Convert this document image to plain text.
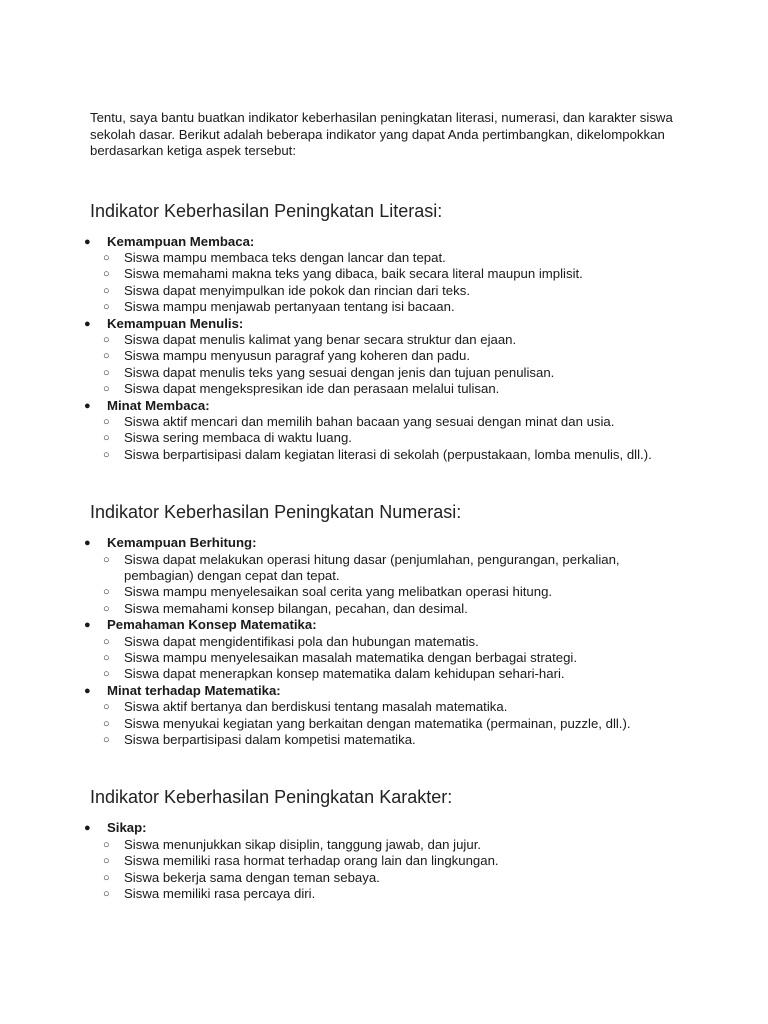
Tentu, saya bantu buatkan indikator keberhasilan peningkatan literasi, numerasi, dan karakter siswa sekolah dasar. Berikut adalah beberapa indikator yang dapat Anda pertimbangkan, dikelompokkan berdasarkan ketiga aspek tersebut:

Indikator Keberhasilan Peningkatan Literasi:
● Kemampuan Membaca:
○ Siswa mampu membaca teks dengan lancar dan tepat.
○ Siswa memahami makna teks yang dibaca, baik secara literal maupun implisit.
○ Siswa dapat menyimpulkan ide pokok dan rincian dari teks.
○ Siswa mampu menjawab pertanyaan tentang isi bacaan.
● Kemampuan Menulis:
○ Siswa dapat menulis kalimat yang benar secara struktur dan ejaan.
○ Siswa mampu menyusun paragraf yang koheren dan padu.
○ Siswa dapat menulis teks yang sesuai dengan jenis dan tujuan penulisan.
○ Siswa dapat mengekspresikan ide dan perasaan melalui tulisan.
● Minat Membaca:
○ Siswa aktif mencari dan memilih bahan bacaan yang sesuai dengan minat dan usia.
○ Siswa sering membaca di waktu luang.
○ Siswa berpartisipasi dalam kegiatan literasi di sekolah (perpustakaan, lomba menulis, dll.).
Indikator Keberhasilan Peningkatan Numerasi:
● Kemampuan Berhitung:
○ Siswa dapat melakukan operasi hitung dasar (penjumlahan, pengurangan, perkalian, pembagian) dengan cepat dan tepat.
○ Siswa mampu menyelesaikan soal cerita yang melibatkan operasi hitung.
○ Siswa memahami konsep bilangan, pecahan, dan desimal.
● Pemahaman Konsep Matematika:
○ Siswa dapat mengidentifikasi pola dan hubungan matematis.
○ Siswa mampu menyelesaikan masalah matematika dengan berbagai strategi.
○ Siswa dapat menerapkan konsep matematika dalam kehidupan sehari-hari.
● Minat terhadap Matematika:
○ Siswa aktif bertanya dan berdiskusi tentang masalah matematika.
○ Siswa menyukai kegiatan yang berkaitan dengan matematika (permainan, puzzle, dll.).
○ Siswa berpartisipasi dalam kompetisi matematika.
Indikator Keberhasilan Peningkatan Karakter:
● Sikap:
○ Siswa menunjukkan sikap disiplin, tanggung jawab, dan jujur.
○ Siswa memiliki rasa hormat terhadap orang lain dan lingkungan.
○ Siswa bekerja sama dengan teman sebaya.
○ Siswa memiliki rasa percaya diri.
